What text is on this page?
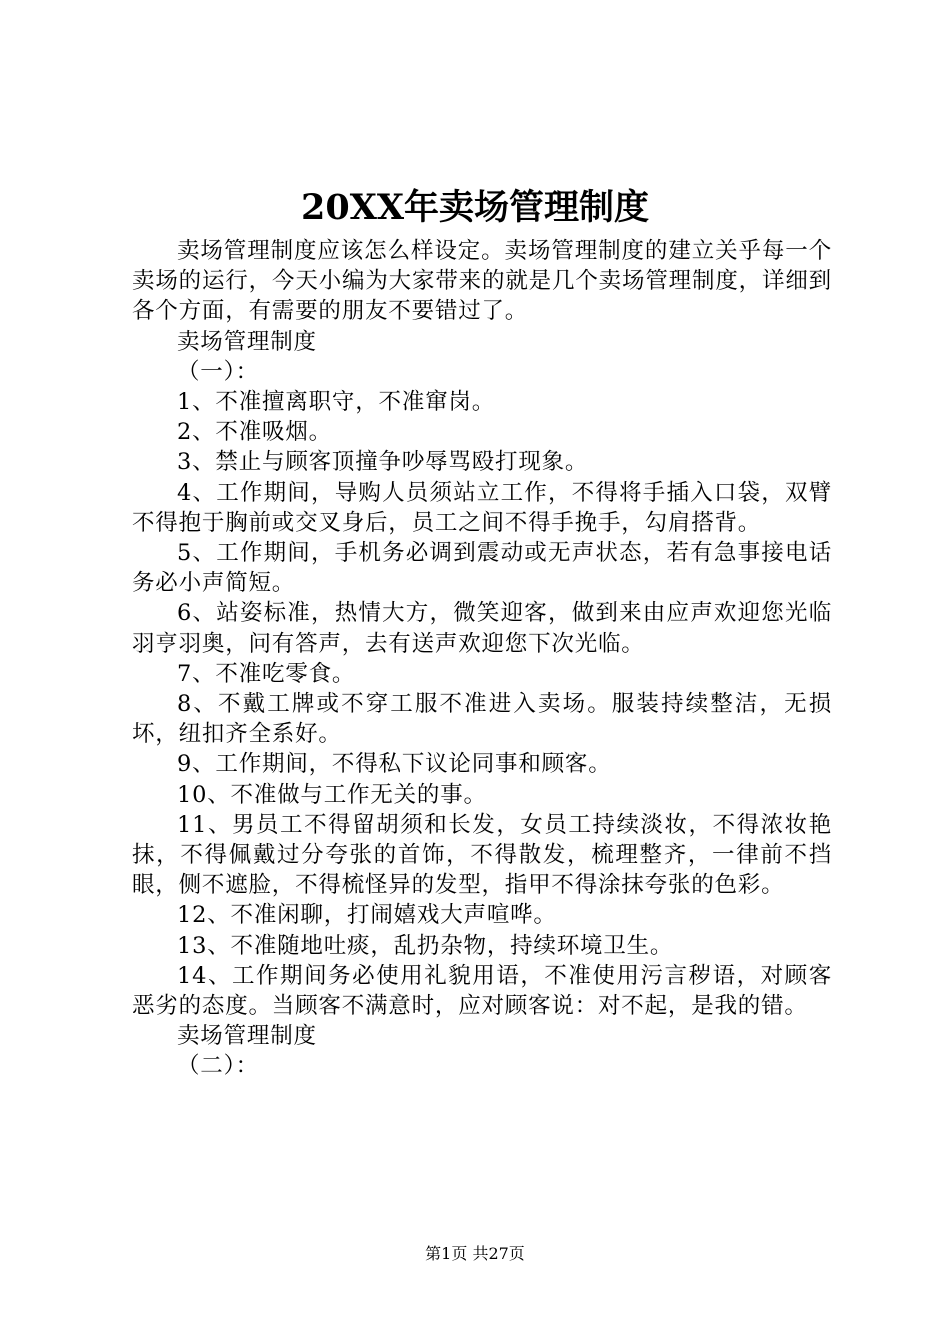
20XX年卖场管理制度

卖场管理制度应该怎么样设定。卖场管理制度的建立关乎每一个卖场的运行，今天小编为大家带来的就是几个卖场管理制度，详细到各个方面，有需要的朋友不要错过了。

卖场管理制度

（一）：

1、不准擅离职守，不准窜岗。

2、不准吸烟。

3、禁止与顾客顶撞争吵辱骂殴打现象。

4、工作期间，导购人员须站立工作，不得将手插入口袋，双臂不得抱于胸前或交叉身后，员工之间不得手挽手，勾肩搭背。

5、工作期间，手机务必调到震动或无声状态，若有急事接电话务必小声简短。

6、站姿标准，热情大方，微笑迎客，做到来由应声欢迎您光临羽亨羽奥，问有答声，去有送声欢迎您下次光临。

7、不准吃零食。

8、不戴工牌或不穿工服不准进入卖场。服装持续整洁，无损坏，纽扣齐全系好。

9、工作期间，不得私下议论同事和顾客。

10、不准做与工作无关的事。

11、男员工不得留胡须和长发，女员工持续淡妆，不得浓妆艳抹，不得佩戴过分夸张的首饰，不得散发，梳理整齐，一律前不挡眼，侧不遮脸，不得梳怪异的发型，指甲不得涂抹夸张的色彩。

12、不准闲聊，打闹嬉戏大声喧哗。

13、不准随地吐痰，乱扔杂物，持续环境卫生。

14、工作期间务必使用礼貌用语，不准使用污言秽语，对顾客恶劣的态度。当顾客不满意时，应对顾客说：对不起，是我的错。

卖场管理制度

（二）：

第1页 共27页
